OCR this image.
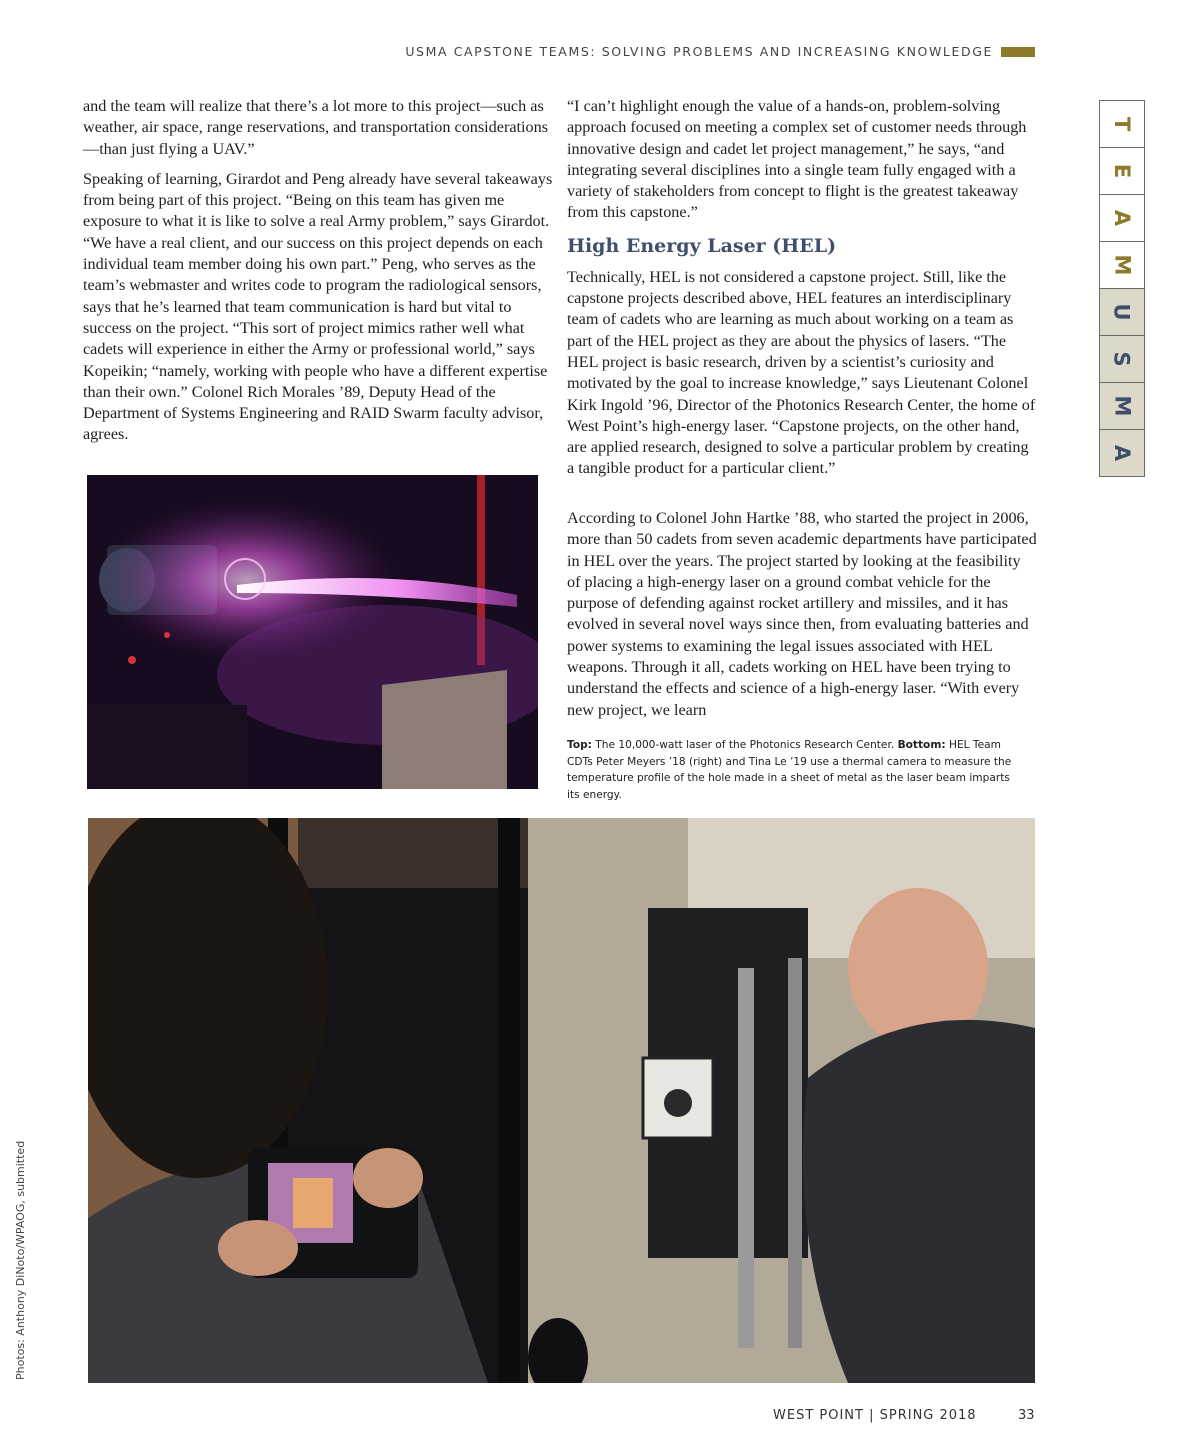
USMA CAPSTONE TEAMS: SOLVING PROBLEMS AND INCREASING KNOWLEDGE

and the team will realize that there’s a lot more to this project—such as weather, air space, range reservations, and transportation considerations—than just flying a UAV.”

Speaking of learning, Girardot and Peng already have several takeaways from being part of this project. “Being on this team has given me exposure to what it is like to solve a real Army problem,” says Girardot. “We have a real client, and our success on this project depends on each individual team member doing his own part.” Peng, who serves as the team’s webmaster and writes code to program the radiological sensors, says that he’s learned that team communication is hard but vital to success on the project. “This sort of project mimics rather well what cadets will experience in either the Army or professional world,” says Kopeikin; “namely, working with people who have a different expertise than their own.” Colonel Rich Morales ’89, Deputy Head of the Department of Systems Engineering and RAID Swarm faculty advisor, agrees.

“I can’t highlight enough the value of a hands-on, problem-solving approach focused on meeting a complex set of customer needs through innovative design and cadet let project management,” he says, “and integrating several disciplines into a single team fully engaged with a variety of stakeholders from concept to flight is the greatest takeaway from this capstone.”

High Energy Laser (HEL)

Technically, HEL is not considered a capstone project. Still, like the capstone projects described above, HEL features an interdisciplinary team of cadets who are learning as much about working on a team as part of the HEL project as they are about the physics of lasers. “The HEL project is basic research, driven by a scientist’s curiosity and motivated by the goal to increase knowledge,” says Lieutenant Colonel Kirk Ingold ’96, Director of the Photonics Research Center, the home of West Point’s high-energy laser. “Capstone projects, on the other hand, are applied research, designed to solve a particular problem by creating a tangible product for a particular client.”

According to Colonel John Hartke ’88, who started the project in 2006, more than 50 cadets from seven academic departments have participated in HEL over the years. The project started by looking at the feasibility of placing a high-energy laser on a ground combat vehicle for the purpose of defending against rocket artillery and missiles, and it has evolved in several novel ways since then, from evaluating batteries and power systems to examining the legal issues associated with HEL weapons. Through it all, cadets working on HEL have been trying to understand the effects and science of a high-energy laser. “With every new project, we learn

Top: The 10,000-watt laser of the Photonics Research Center. Bottom: HEL Team CDTs Peter Meyers ’18 (right) and Tina Le ’19 use a thermal camera to measure the temperature profile of the hole made in a sheet of metal as the laser beam imparts its energy.
T
E
A
M
U
S
M
A
Photos: Anthony DiNoto/WPAOG, submitted
WEST POINT | SPRING 2018	33
